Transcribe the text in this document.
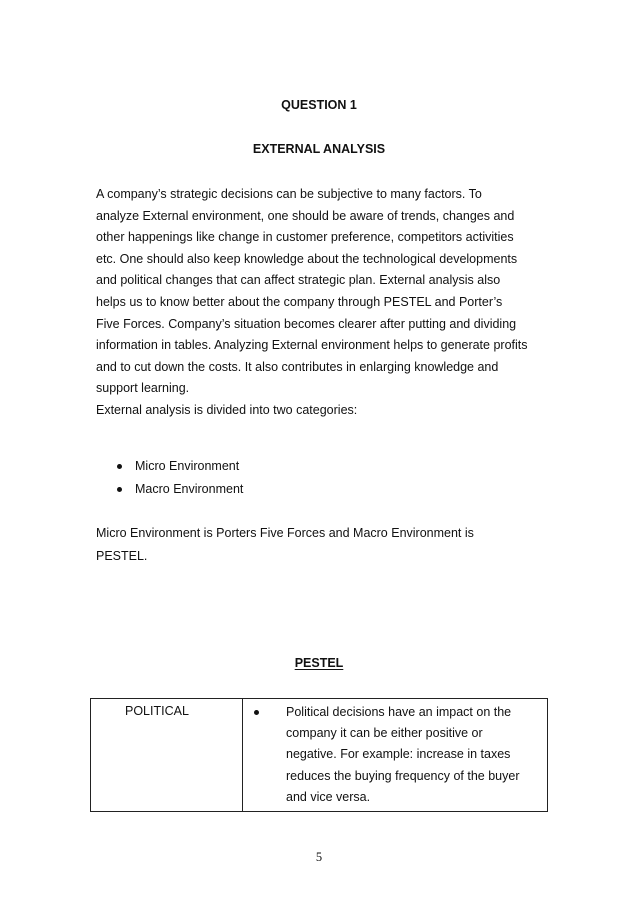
QUESTION 1
EXTERNAL ANALYSIS

A company’s strategic decisions can be subjective to many factors. To

analyze External environment, one should be aware of trends, changes and

other happenings like change in customer preference, competitors activities

etc. One should also keep knowledge about the technological developments

and political changes that can affect strategic plan. External analysis also

helps us to know better about the company through PESTEL and Porter’s

Five Forces. Company’s situation becomes clearer after putting and dividing

information in tables. Analyzing External environment helps to generate profits

and to cut down the costs. It also contributes in enlarging knowledge and

support learning.

External analysis is divided into two categories:

Micro Environment
Macro Environment

Micro Environment is Porters Five Forces and Macro Environment is

PESTEL.

PESTEL
POLITICAL	Political decisions have an impact on the

company it can be either positive or

negative. For example: increase in taxes

reduces the buying frequency of the buyer

and vice versa.

5
